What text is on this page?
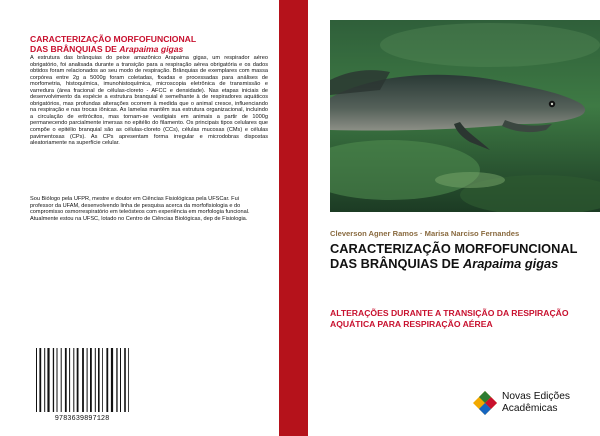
CARACTERIZAÇÃO MORFOFUNCIONAL
DAS BRÂNQUIAS DE Arapaima gigas

A estrutura das brânquias do peixe amazônico Arapaima gigas, um respirador aéreo obrigatório, foi analisada durante a transição para a respiração aérea obrigatória e os dados obtidos foram relacionados ao seu modo de respiração. Brânquias de exemplares com massa corpórea entre 2g a 5000g foram coletadas, fixadas e processadas para análises de morfometria, histoquímica, imunohistoquímica, microscopia eletrônica de transmissão e varredura (área fracional de células-cloreto - AFCC e densidade). Nas etapas iniciais de desenvolvimento da espécie a estrutura branquial é semelhante à de respiradores aquáticos obrigatórios, mas profundas alterações ocorrem à medida que o animal cresce, influenciando na respiração e nas trocas iônicas. As lamelas mantêm sua estrutura organizacional, incluindo a circulação de eritrócitos, mas tornam-se vestigiais em animais a partir de 1000g permanecendo parcialmente imersas no epitélio do filamento. Os principais tipos celulares que compõe o epitélio branquial são as células-cloreto (CCs), células mucosas (CMs) e células pavimentosas (CPs). As CPs apresentam forma irregular e microdobras dispostas aleatoriamente na superfície celular.

Sou Biólogo pela UFPR, mestre e doutor em Ciências Fisiológicas pela UFSCar. Fui professor da UFAM, desenvolvendo linha de pesquisa acerca da morfofisiologia e do compromisso osmorrespiratório em teleósteos com experiência em morfologia funcional. Atualmente estou na UFSC, lotado no Centro de Ciências Biológicas, dep de Fisiologia.

9783639897128

Cleverson Agner Ramos · Marisa Narciso Fernandes

CARACTERIZAÇÃO MORFOFUNCIONAL DAS BRÂNQUIAS DE Arapaima gigas

ALTERAÇÕES DURANTE A TRANSIÇÃO DA RESPIRAÇÃO AQUÁTICA PARA RESPIRAÇÃO AÉREA

Novas Edições
Acadêmicas
